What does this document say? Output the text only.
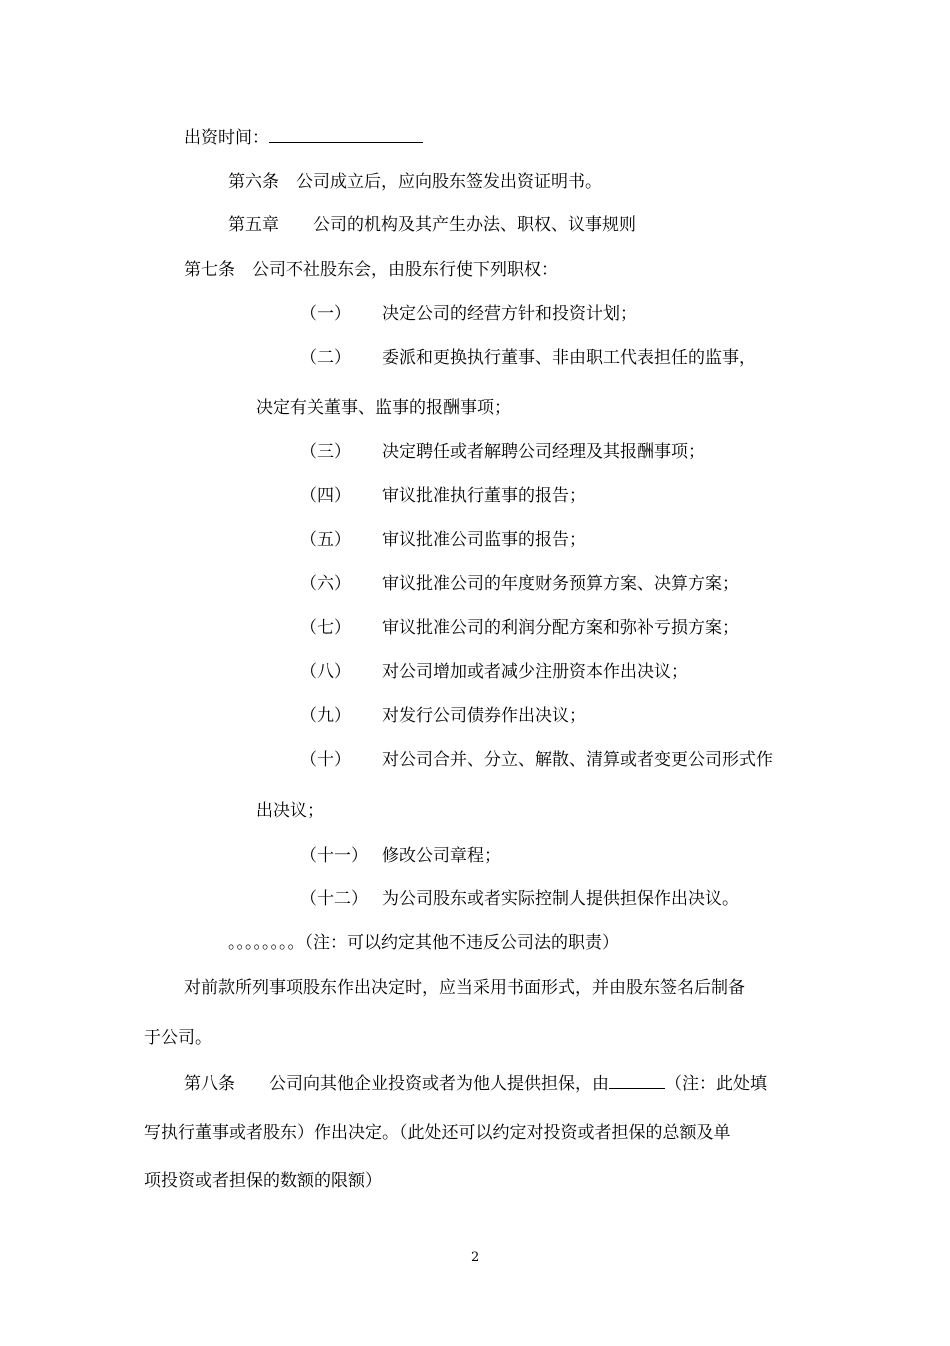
出资时间：
第六条　公司成立后，应向股东签发出资证明书。
第五章　　公司的机构及其产生办法、职权、议事规则
第七条　公司不社股东会，由股东行使下列职权：
（一） 决定公司的经营方针和投资计划；
（二） 委派和更换执行董事、非由职工代表担任的监事，
决定有关董事、监事的报酬事项；
（三） 决定聘任或者解聘公司经理及其报酬事项；
（四） 审议批准执行董事的报告；
（五） 审议批准公司监事的报告；
（六） 审议批准公司的年度财务预算方案、决算方案；
（七） 审议批准公司的利润分配方案和弥补亏损方案；
（八） 对公司增加或者减少注册资本作出决议；
（九） 对发行公司债券作出决议；
（十） 对公司合并、分立、解散、清算或者变更公司形式作
出决议；
（十一） 修改公司章程；
（十二） 为公司股东或者实际控制人提供担保作出决议。
。。。。。。。。（注：可以约定其他不违反公司法的职责）
对前款所列事项股东作出决定时，应当采用书面形式，并由股东签名后制备
于公司。
第八条　　公司向其他企业投资或者为他人提供担保，由	（注：此处填
写执行董事或者股东）作出决定。（此处还可以约定对投资或者担保的总额及单
项投资或者担保的数额的限额）
2
